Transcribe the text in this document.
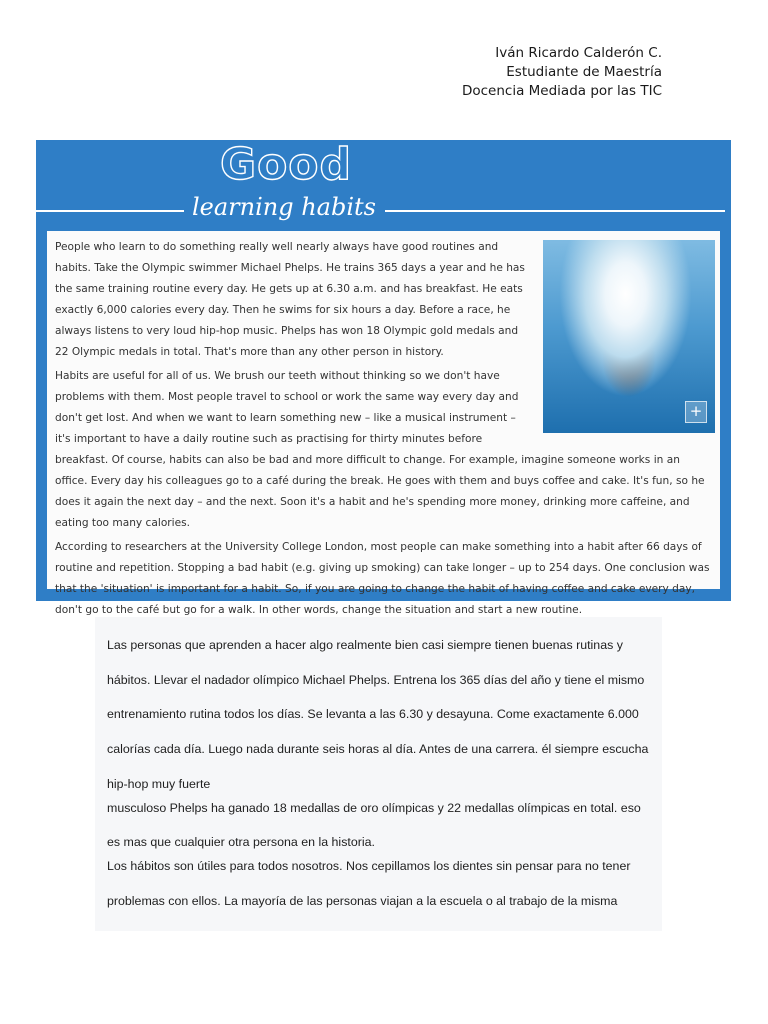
Iván Ricardo Calderón C.
Estudiante de Maestría
Docencia Mediada por las TIC
Good
learning habits
+

People who learn to do something really well nearly always have good routines and habits. Take the Olympic swimmer Michael Phelps. He trains 365 days a year and he has the same training routine every day. He gets up at 6.30 a.m. and has breakfast. He eats exactly 6,000 calories every day. Then he swims for six hours a day. Before a race, he always listens to very loud hip-hop music. Phelps has won 18 Olympic gold medals and 22 Olympic medals in total. That's more than any other person in history.

Habits are useful for all of us. We brush our teeth without thinking so we don't have problems with them. Most people travel to school or work the same way every day and don't get lost. And when we want to learn something new – like a musical instrument – it's important to have a daily routine such as practising for thirty minutes before breakfast. Of course, habits can also be bad and more difficult to change. For example, imagine someone works in an office. Every day his colleagues go to a café during the break. He goes with them and buys coffee and cake. It's fun, so he does it again the next day – and the next. Soon it's a habit and he's spending more money, drinking more caffeine, and eating too many calories.

According to researchers at the University College London, most people can make something into a habit after 66 days of routine and repetition. Stopping a bad habit (e.g. giving up smoking) can take longer – up to 254 days. One conclusion was that the 'situation' is important for a habit. So, if you are going to change the habit of having coffee and cake every day, don't go to the café but go for a walk. In other words, change the situation and start a new routine.

Las personas que aprenden a hacer algo realmente bien casi siempre tienen buenas rutinas y
hábitos. Llevar el nadador olímpico Michael Phelps. Entrena los 365 días del año y tiene el mismo
entrenamiento rutina todos los días. Se levanta a las 6.30 y desayuna. Come exactamente 6.000
calorías cada día. Luego nada durante seis horas al día. Antes de una carrera. él siempre escucha
hip-hop muy fuerte
musculoso Phelps ha ganado 18 medallas de oro olímpicas y 22 medallas olímpicas en total. eso
es mas que cualquier otra persona en la historia.
Los hábitos son útiles para todos nosotros. Nos cepillamos los dientes sin pensar para no tener
problemas con ellos. La mayoría de las personas viajan a la escuela o al trabajo de la misma
